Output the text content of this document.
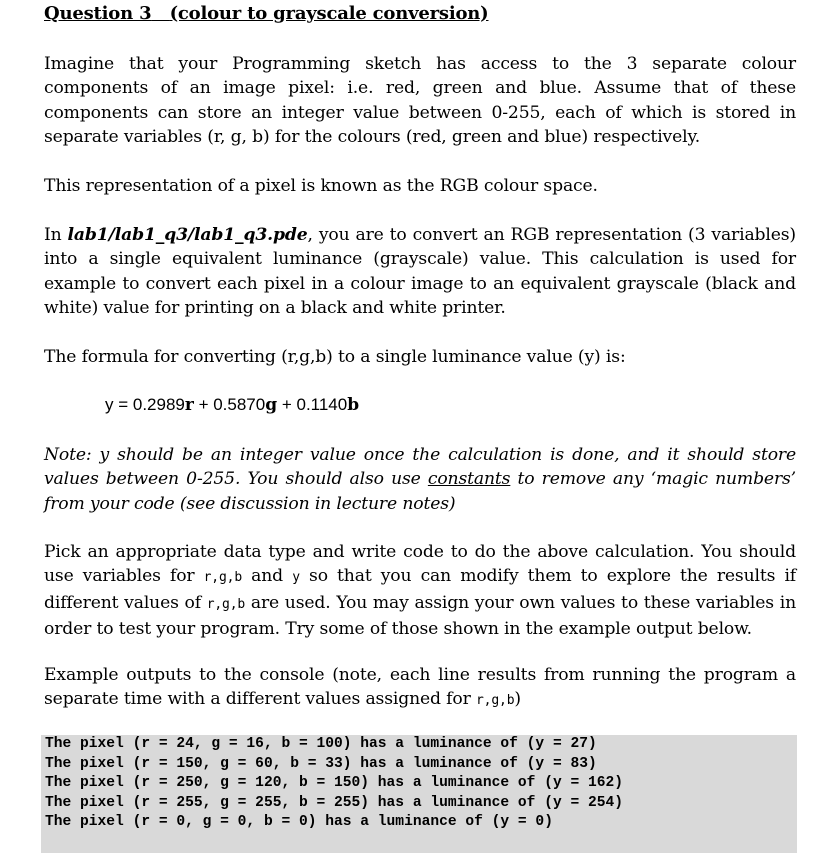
Question 3 (colour to grayscale conversion)
Imagine that your Programming sketch has access to the 3 separate colour components of an image pixel: i.e. red, green and blue. Assume that of these components can store an integer value between 0-255, each of which is stored in separate variables (r, g, b) for the colours (red, green and blue) respectively.
This representation of a pixel is known as the RGB colour space.
In lab1/lab1_q3/lab1_q3.pde, you are to convert an RGB representation (3 variables) into a single equivalent luminance (grayscale) value. This calculation is used for example to convert each pixel in a colour image to an equivalent grayscale (black and white) value for printing on a black and white printer.
The formula for converting (r,g,b) to a single luminance value (y) is:
y = 0.2989r + 0.5870g + 0.1140b
Note: y should be an integer value once the calculation is done, and it should store values between 0-255. You should also use constants to remove any ‘magic numbers’ from your code (see discussion in lecture notes)
Pick an appropriate data type and write code to do the above calculation. You should use variables for r,g,b and y so that you can modify them to explore the results if different values of r,g,b are used. You may assign your own values to these variables in order to test your program. Try some of those shown in the example output below.
Example outputs to the console (note, each line results from running the program a separate time with a different values assigned for r,g,b)
The pixel (r = 24, g = 16, b = 100) has a luminance of (y = 27)
The pixel (r = 150, g = 60, b = 33) has a luminance of (y = 83)
The pixel (r = 250, g = 120, b = 150) has a luminance of (y = 162)
The pixel (r = 255, g = 255, b = 255) has a luminance of (y = 254)
The pixel (r = 0, g = 0, b = 0) has a luminance of (y = 0)
